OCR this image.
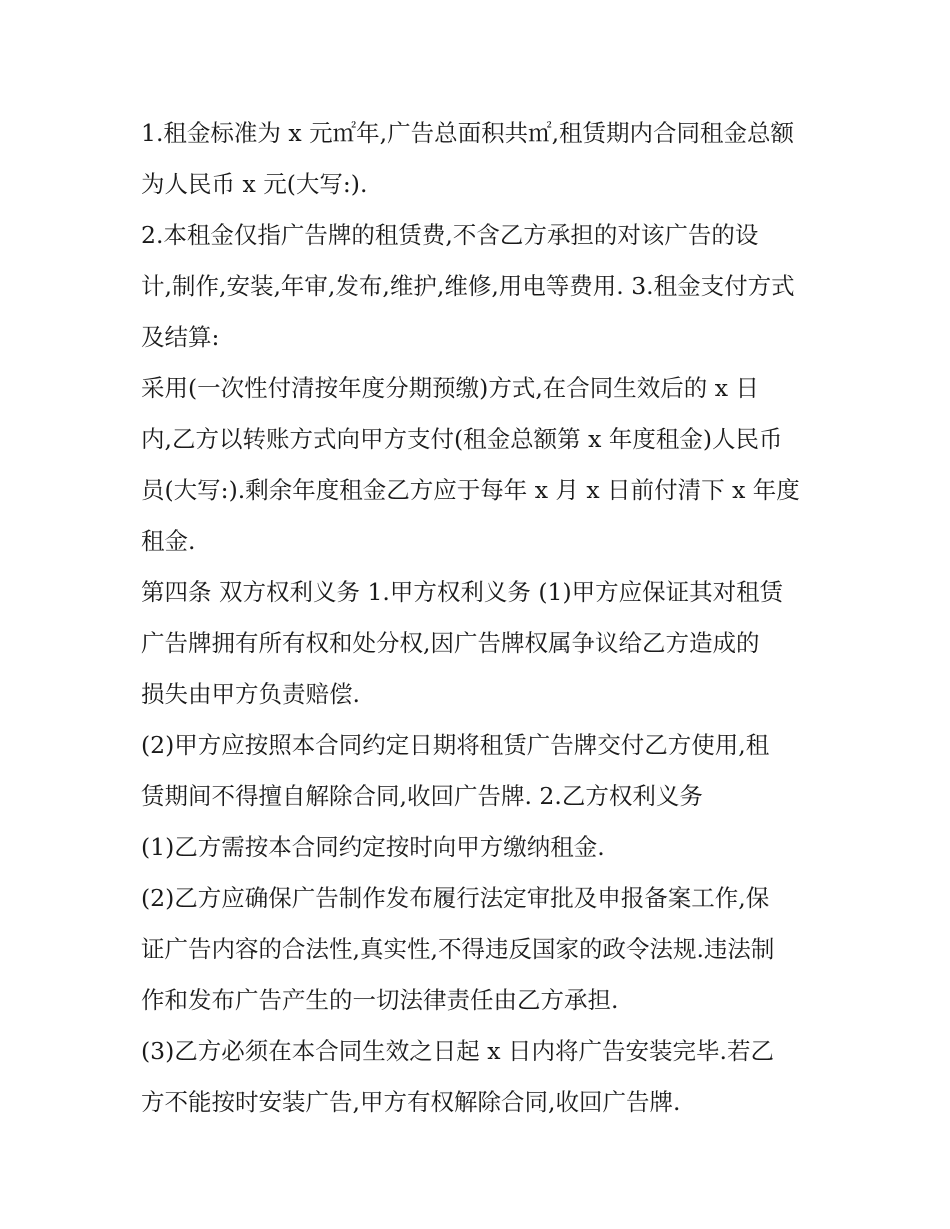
1.租金标准为 x 元㎡年,广告总面积共㎡,租赁期内合同租金总额
为人民币 x 元(大写:).
2.本租金仅指广告牌的租赁费,不含乙方承担的对该广告的设
计,制作,安装,年审,发布,维护,维修,用电等费用. 3.租金支付方式
及结算:
采用(一次性付清按年度分期预缴)方式,在合同生效后的 x 日
内,乙方以转账方式向甲方支付(租金总额第 x 年度租金)人民币
员(大写:).剩余年度租金乙方应于每年 x 月 x 日前付清下 x 年度
租金.
第四条 双方权利义务 1.甲方权利义务 (1)甲方应保证其对租赁
广告牌拥有所有权和处分权,因广告牌权属争议给乙方造成的
损失由甲方负责赔偿.
(2)甲方应按照本合同约定日期将租赁广告牌交付乙方使用,租
赁期间不得擅自解除合同,收回广告牌. 2.乙方权利义务
(1)乙方需按本合同约定按时向甲方缴纳租金.
(2)乙方应确保广告制作发布履行法定审批及申报备案工作,保
证广告内容的合法性,真实性,不得违反国家的政令法规.违法制
作和发布广告产生的一切法律责任由乙方承担.
(3)乙方必须在本合同生效之日起 x 日内将广告安装完毕.若乙
方不能按时安装广告,甲方有权解除合同,收回广告牌.
